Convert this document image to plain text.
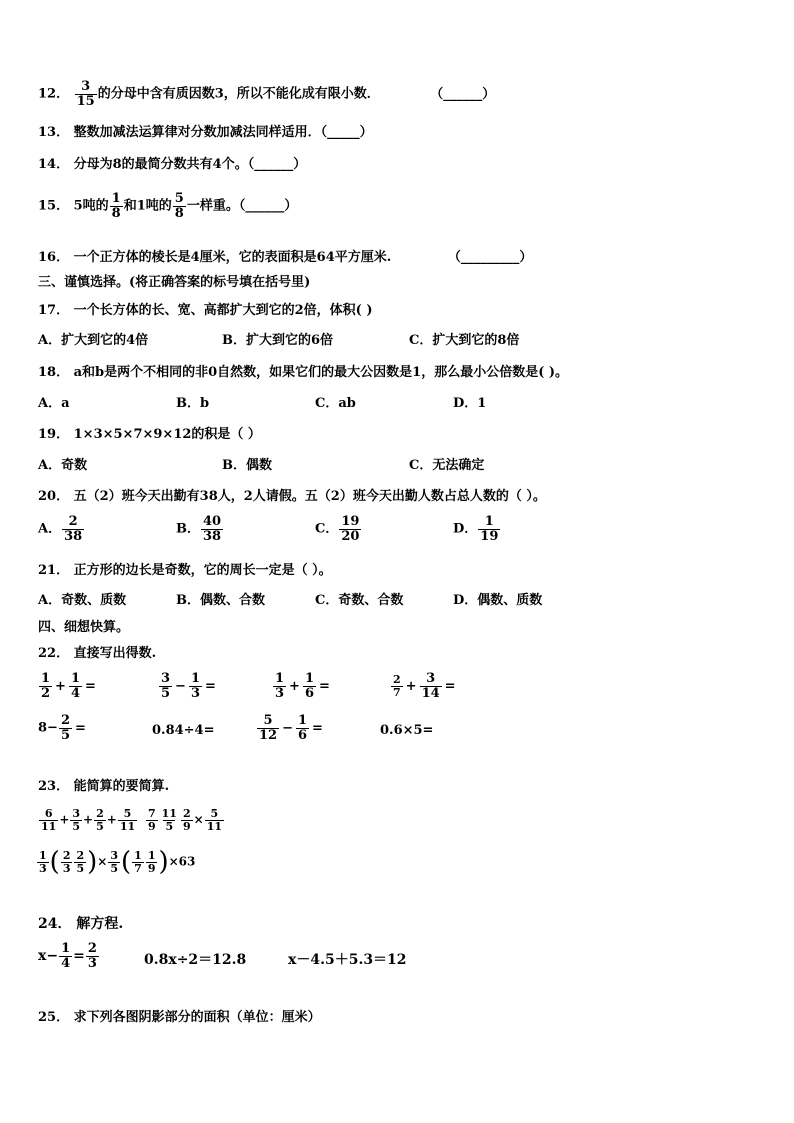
12． $\frac{3}{15}$ 的分母中含有质因数3，所以不能化成有限小数．	（______）
13． 整数加减法运算律对分数加减法同样适用．（_____）
14． 分母为8的最简分数共有4个。（______）
15． 5吨的 $\frac{1}{8}$ 和1吨的 $\frac{5}{8}$ 一样重。（______）
16． 一个正方体的棱长是4厘米，它的表面积是64平方厘米.	（_________）
三、谨慎选择。(将正确答案的标号填在括号里)
17． 一个长方体的长、宽、高都扩大到它的2倍，体积( )
A．扩大到它的4倍	B．扩大到它的6倍	C．扩大到它的8倍
18． a和b是两个不相同的非0自然数，如果它们的最大公因数是1，那么最小公倍数是( )。
A．a	B．b	C．ab	D．1
19． 1×3×5×7×9×12的积是（ ）
A．奇数	B．偶数	C．无法确定
20． 五（2）班今天出勤有38人，2人请假。五（2）班今天出勤人数占总人数的（ ）。
A． $\frac{2}{38}$	B． $\frac{40}{38}$	C． $\frac{19}{20}$	D． $\frac{1}{19}$
21． 正方形的边长是奇数，它的周长一定是（ ）。
A．奇数、质数	B．偶数、合数	C．奇数、合数	D．偶数、质数
四、细想快算。
22． 直接写出得数.
$\frac{1}{2} + \frac{1}{4}$ =	$\frac{3}{5} - \frac{1}{3}$ =	$\frac{1}{3} + \frac{1}{6}$ =	$\frac{2}{7} + \frac{3}{14}$ =
$8- \frac{2}{5}$ =	0.84÷4=	$\frac{5}{12} - \frac{1}{6}$ =	0.6×5=
23． 能简算的要简算.
$\frac{6}{11} + \frac{3}{5} + \frac{2}{5} + \frac{5}{11} \frac{7}{9} \frac{11}{5} \frac{2}{9} \times \frac{5}{11}$
$\frac{1}{3}$ ( $\frac{2}{3} \frac{2}{5}$ )× $\frac{3}{5}$ ( $\frac{1}{7} \frac{1}{9} )\times 63$
24． 解方程.
$x- \frac{1}{4} = \frac{2}{3}$	0.8x÷2＝12.8	x－4.5＋5.3＝12
25． 求下列各图阴影部分的面积（单位：厘米）
